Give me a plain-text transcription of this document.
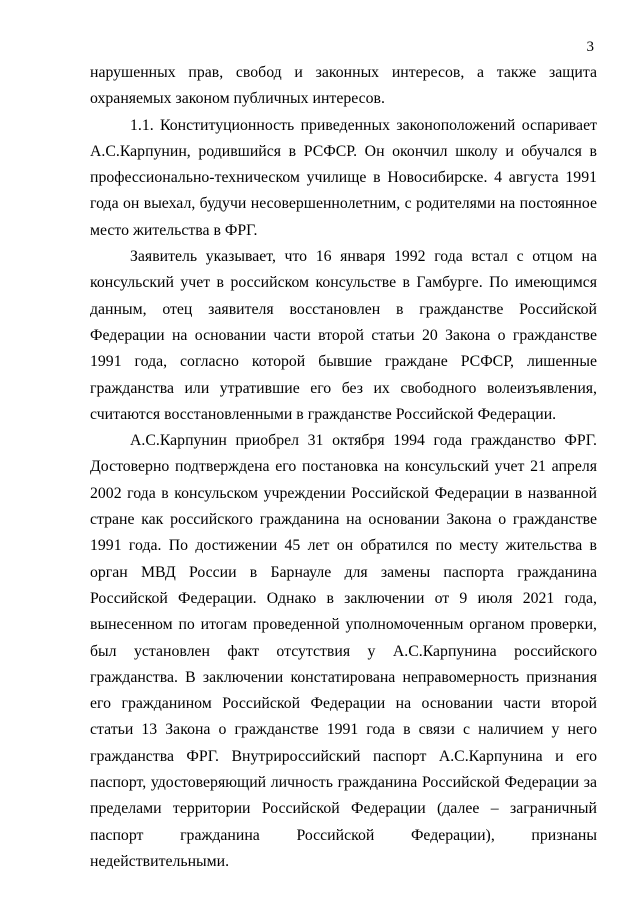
3

нарушенных прав, свобод и законных интересов, а также защита охраняемых законом публичных интересов.

1.1. Конституционность приведенных законоположений оспаривает А.С.Карпунин, родившийся в РСФСР. Он окончил школу и обучался в профессионально-техническом училище в Новосибирске. 4 августа 1991 года он выехал, будучи несовершеннолетним, с родителями на постоянное место жительства в ФРГ.

Заявитель указывает, что 16 января 1992 года встал с отцом на консульский учет в российском консульстве в Гамбурге. По имеющимся данным, отец заявителя восстановлен в гражданстве Российской Федерации на основании части второй статьи 20 Закона о гражданстве 1991 года, согласно которой бывшие граждане РСФСР, лишенные гражданства или утратившие его без их свободного волеизъявления, считаются восстановленными в гражданстве Российской Федерации.

А.С.Карпунин приобрел 31 октября 1994 года гражданство ФРГ. Достоверно подтверждена его постановка на консульский учет 21 апреля 2002 года в консульском учреждении Российской Федерации в названной стране как российского гражданина на основании Закона о гражданстве 1991 года. По достижении 45 лет он обратился по месту жительства в орган МВД России в Барнауле для замены паспорта гражданина Российской Федерации. Однако в заключении от 9 июля 2021 года, вынесенном по итогам проведенной уполномоченным органом проверки, был установлен факт отсутствия у А.С.Карпунина российского гражданства. В заключении констатирована неправомерность признания его гражданином Российской Федерации на основании части второй статьи 13 Закона о гражданстве 1991 года в связи с наличием у него гражданства ФРГ. Внутрироссийский паспорт А.С.Карпунина и его паспорт, удостоверяющий личность гражданина Российской Федерации за пределами территории Российской Федерации (далее – заграничный паспорт гражданина Российской Федерации), признаны недействительными.
